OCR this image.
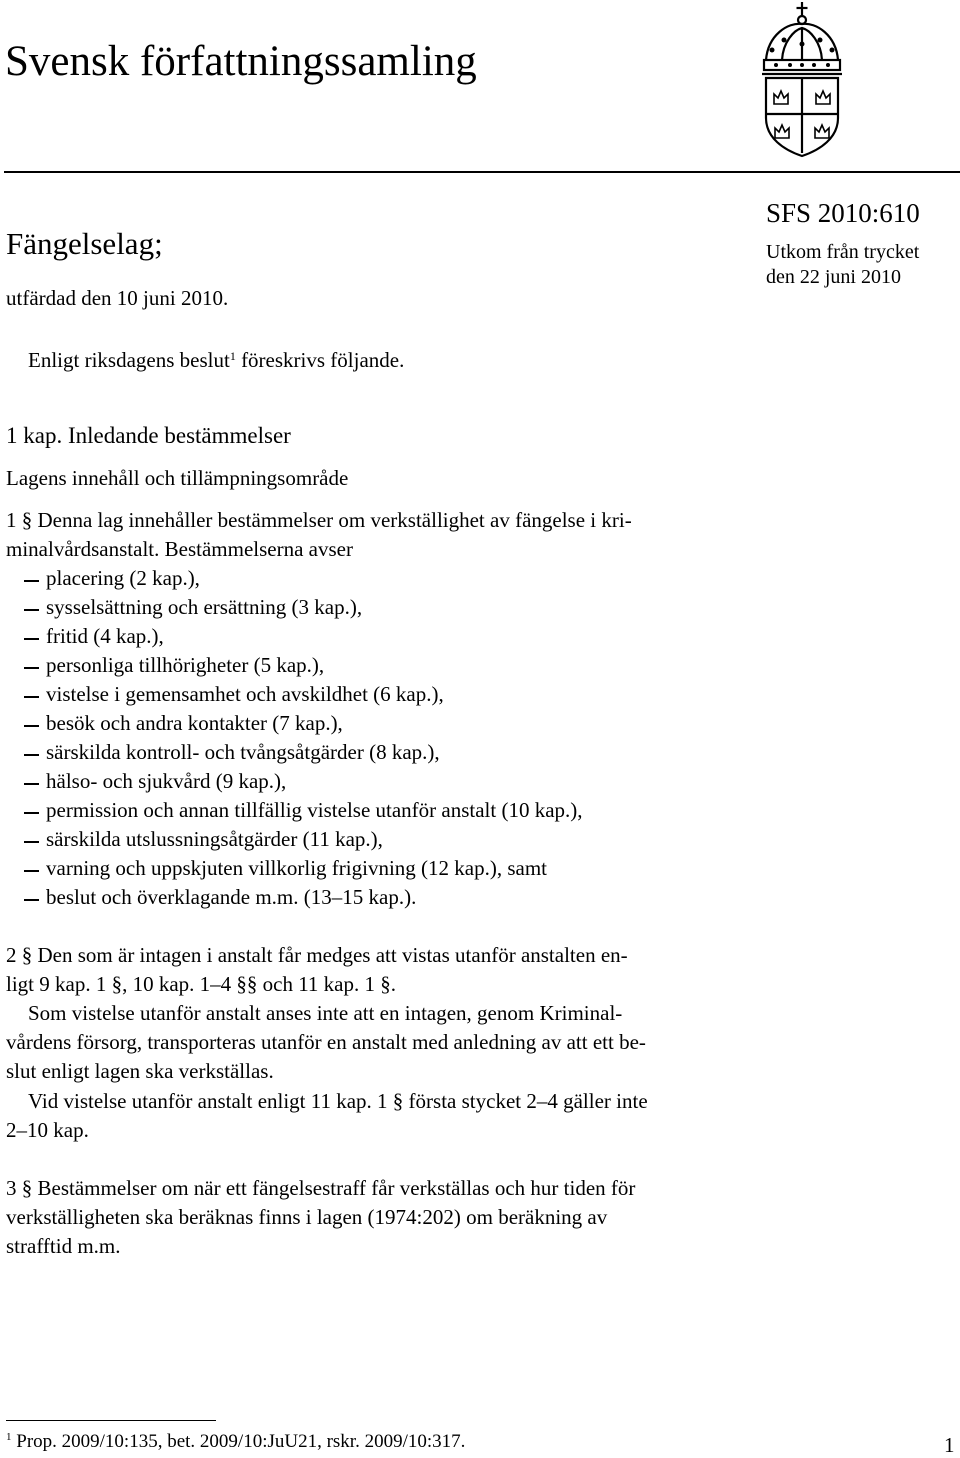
Svensk författningssamling
Fängelselag;
utfärdad den 10 juni 2010.
SFS 2010:610
Utkom från trycket
den 22 juni 2010
Enligt riksdagens beslut$^1$ föreskrivs följande.
1 kap. Inledande bestämmelser
Lagens innehåll och tillämpningsområde
1 § Denna lag innehåller bestämmelser om verkställighet av fängelse i kri-
minalvårdsanstalt. Bestämmelserna avser
placering (2 kap.),
sysselsättning och ersättning (3 kap.),
fritid (4 kap.),
personliga tillhörigheter (5 kap.),
vistelse i gemensamhet och avskildhet (6 kap.),
besök och andra kontakter (7 kap.),
särskilda kontroll- och tvångsåtgärder (8 kap.),
hälso- och sjukvård (9 kap.),
permission och annan tillfällig vistelse utanför anstalt (10 kap.),
särskilda utslussningsåtgärder (11 kap.),
varning och uppskjuten villkorlig frigivning (12 kap.), samt
beslut och överklagande m.m. (13–15 kap.).
2 § Den som är intagen i anstalt får medges att vistas utanför anstalten en-
ligt 9 kap. 1 §, 10 kap. 1–4 §§ och 11 kap. 1 §.
Som vistelse utanför anstalt anses inte att en intagen, genom Kriminal-
vårdens försorg, transporteras utanför en anstalt med anledning av att ett be-
slut enligt lagen ska verkställas.
Vid vistelse utanför anstalt enligt 11 kap. 1 § första stycket 2–4 gäller inte
2–10 kap.
3 § Bestämmelser om när ett fängelsestraff får verkställas och hur tiden för
verkställigheten ska beräknas finns i lagen (1974:202) om beräkning av
strafftid m.m.
$^1$ Prop. 2009/10:135, bet. 2009/10:JuU21, rskr. 2009/10:317.	1
